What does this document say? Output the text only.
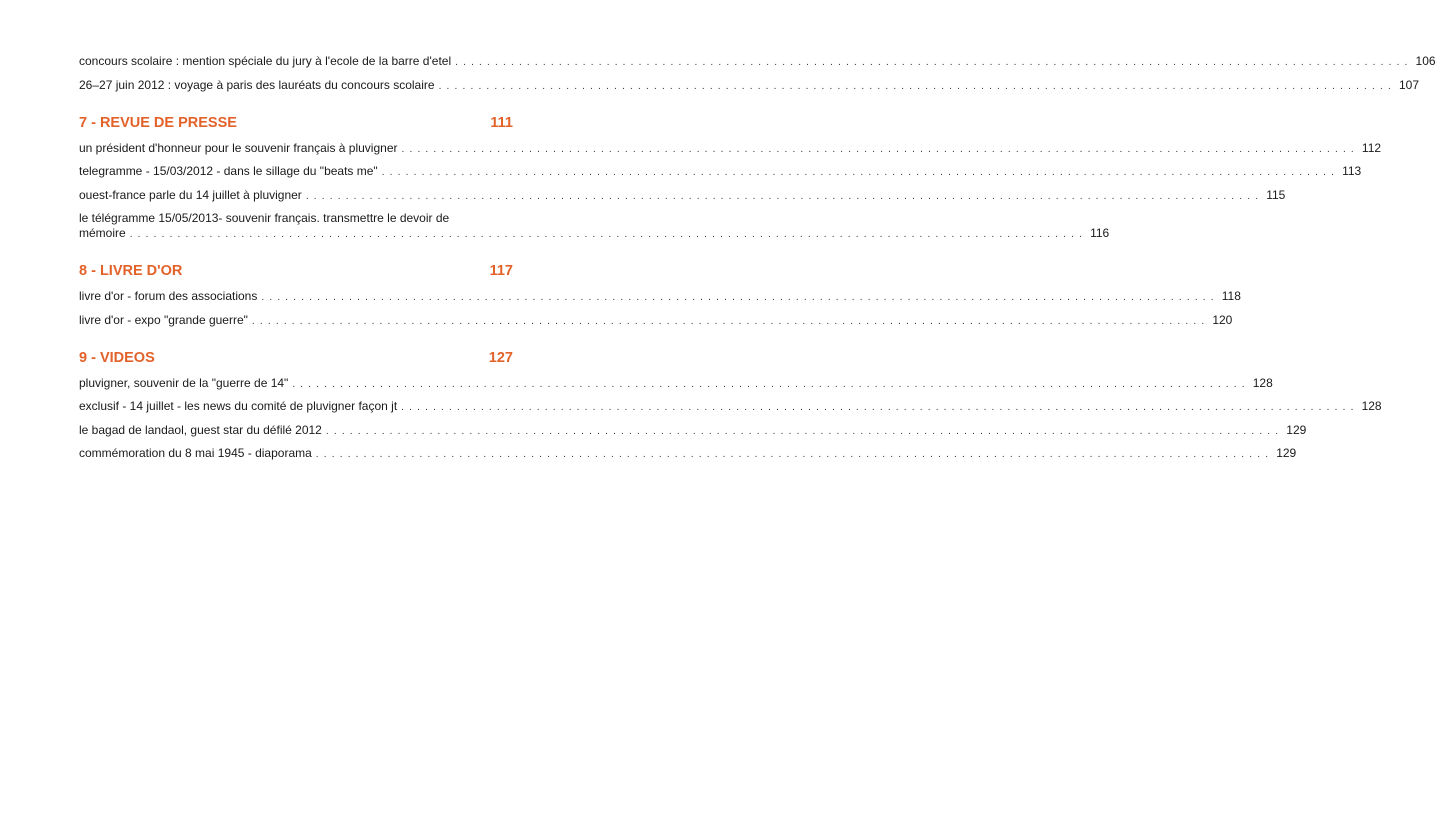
concours scolaire : mention spéciale du jury à l'ecole de la barre d'etel ........................................................................................................................ 106
26–27 juin 2012 : voyage à paris des lauréats du concours scolaire ........................................................................................................................ 107
7 - REVUE DE PRESSE	111
un président d'honneur pour le souvenir français à pluvigner ........................................................................................................................ 112
telegramme - 15/03/2012 - dans le sillage du "beats me" ........................................................................................................................ 113
ouest-france parle du 14 juillet à pluvigner ........................................................................................................................ 115
le télégramme 15/05/2013- souvenir français. transmettre le devoir de
mémoire ........................................................................................................................ 116
8 - LIVRE D'OR	117
livre d'or - forum des associations ........................................................................................................................ 118
livre d'or - expo "grande guerre" ........................................................................................................................ 120
9 - VIDEOS	127
pluvigner, souvenir de la "guerre de 14" ........................................................................................................................ 128
exclusif - 14 juillet - les news du comité de pluvigner façon jt ........................................................................................................................ 128
le bagad de landaol, guest star du défilé 2012 ........................................................................................................................ 129
commémoration du 8 mai 1945 - diaporama ........................................................................................................................ 129
